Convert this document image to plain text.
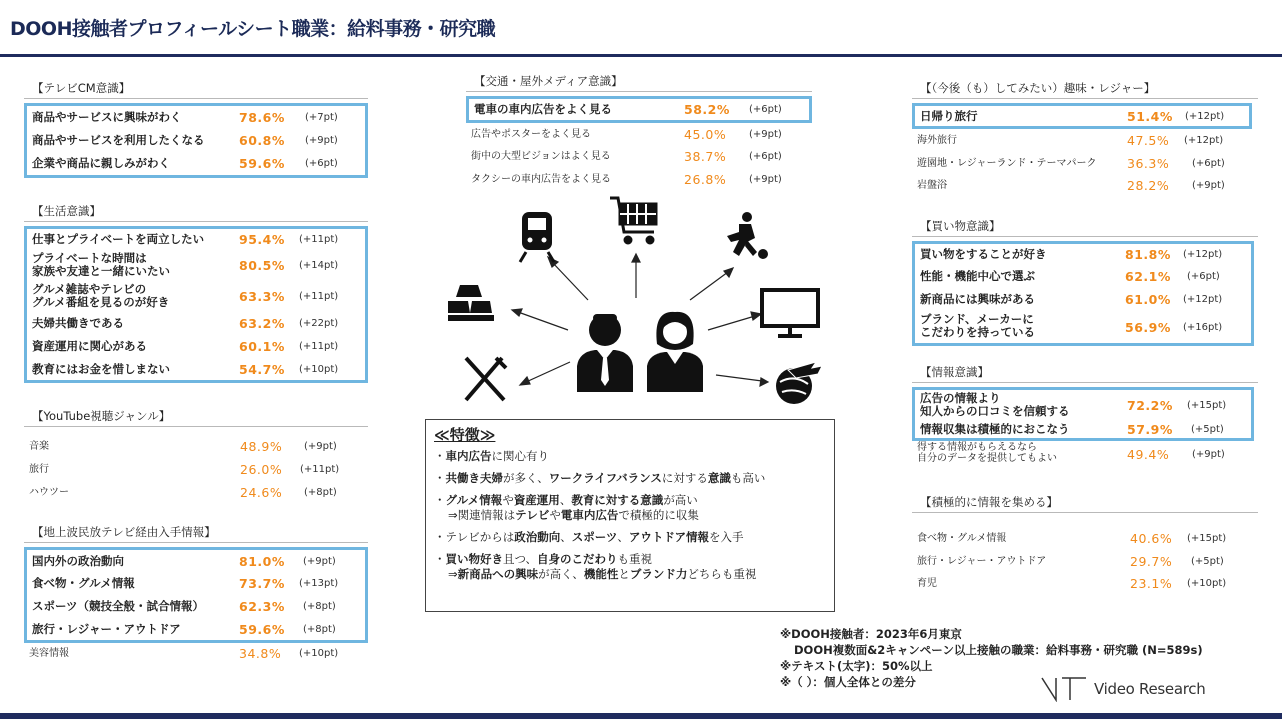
DOOH接触者プロフィールシート職業：給料事務・研究職
【テレビCM意識】
商品やサービスに興味がわく	78.6% (+7pt)
商品やサービスを利用したくなる	60.8% (+9pt)
企業や商品に親しみがわく	59.6% (+6pt)
【生活意識】
仕事とプライベートを両立したい	95.4% (+11pt)
プライベートな時間は
家族や友達と一緒にいたい	80.5% (+14pt)
グルメ雑誌やテレビの
グルメ番組を見るのが好き	63.3% (+11pt)
夫婦共働きである	63.2% (+22pt)
資産運用に関心がある	60.1% (+11pt)
教育にはお金を惜しまない	54.7% (+10pt)
【YouTube視聴ジャンル】
音楽	48.9% (+9pt)
旅行	26.0% (+11pt)
ハウツー	24.6% (+8pt)
【地上波民放テレビ経由入手情報】
国内外の政治動向	81.0% (+9pt)
食べ物・グルメ情報	73.7% (+13pt)
スポーツ（競技全般・試合情報）	62.3% (+8pt)
旅行・レジャー・アウトドア	59.6% (+8pt)
美容情報	34.8% (+10pt)
【交通・屋外メディア意識】
電車の車内広告をよく見る	58.2% (+6pt)
広告やポスターをよく見る	45.0% (+9pt)
街中の大型ビジョンはよく見る	38.7% (+6pt)
タクシーの車内広告をよく見る	26.8% (+9pt)
≪特徴≫
・車内広告に関心有り
・共働き夫婦が多く、ワークライフバランスに対する意識も高い
・グルメ情報や資産運用、教育に対する意識が高い
⇒関連情報はテレビや電車内広告で積極的に収集
・テレビからは政治動向、スポーツ、アウトドア情報を入手
・買い物好き且つ、自身のこだわりも重視
⇒新商品への興味が高く、機能性とブランド力どちらも重視
【（今後（も）してみたい）趣味・レジャー】
日帰り旅行	51.4% (+12pt)
海外旅行	47.5% (+12pt)
遊園地・レジャーランド・テーマパーク 36.3% (+6pt)
岩盤浴	28.2% (+9pt)
【買い物意識】
買い物をすることが好き	81.8% (+12pt)
性能・機能中心で選ぶ	62.1% (+6pt)
新商品には興味がある	61.0% (+12pt)
ブランド、メーカーに
こだわりを持っている	56.9% (+16pt)
【情報意識】
広告の情報より
知人からの口コミを信頼する	72.2% (+15pt)
情報収集は積極的におこなう	57.9% (+5pt)
得する情報がもらえるなら
自分のデータを提供してもよい	49.4% (+9pt)
【積極的に情報を集める】
食べ物・グルメ情報	40.6% (+15pt)
旅行・レジャー・アウトドア	29.7% (+5pt)
育児	23.1% (+10pt)
※DOOH接触者：2023年6月東京
DOOH複数面&2キャンペーン以上接触の職業：給料事務・研究職 (N=589s)
※テキスト(太字)：50%以上
※（ ）：個人全体との差分	Video Research
